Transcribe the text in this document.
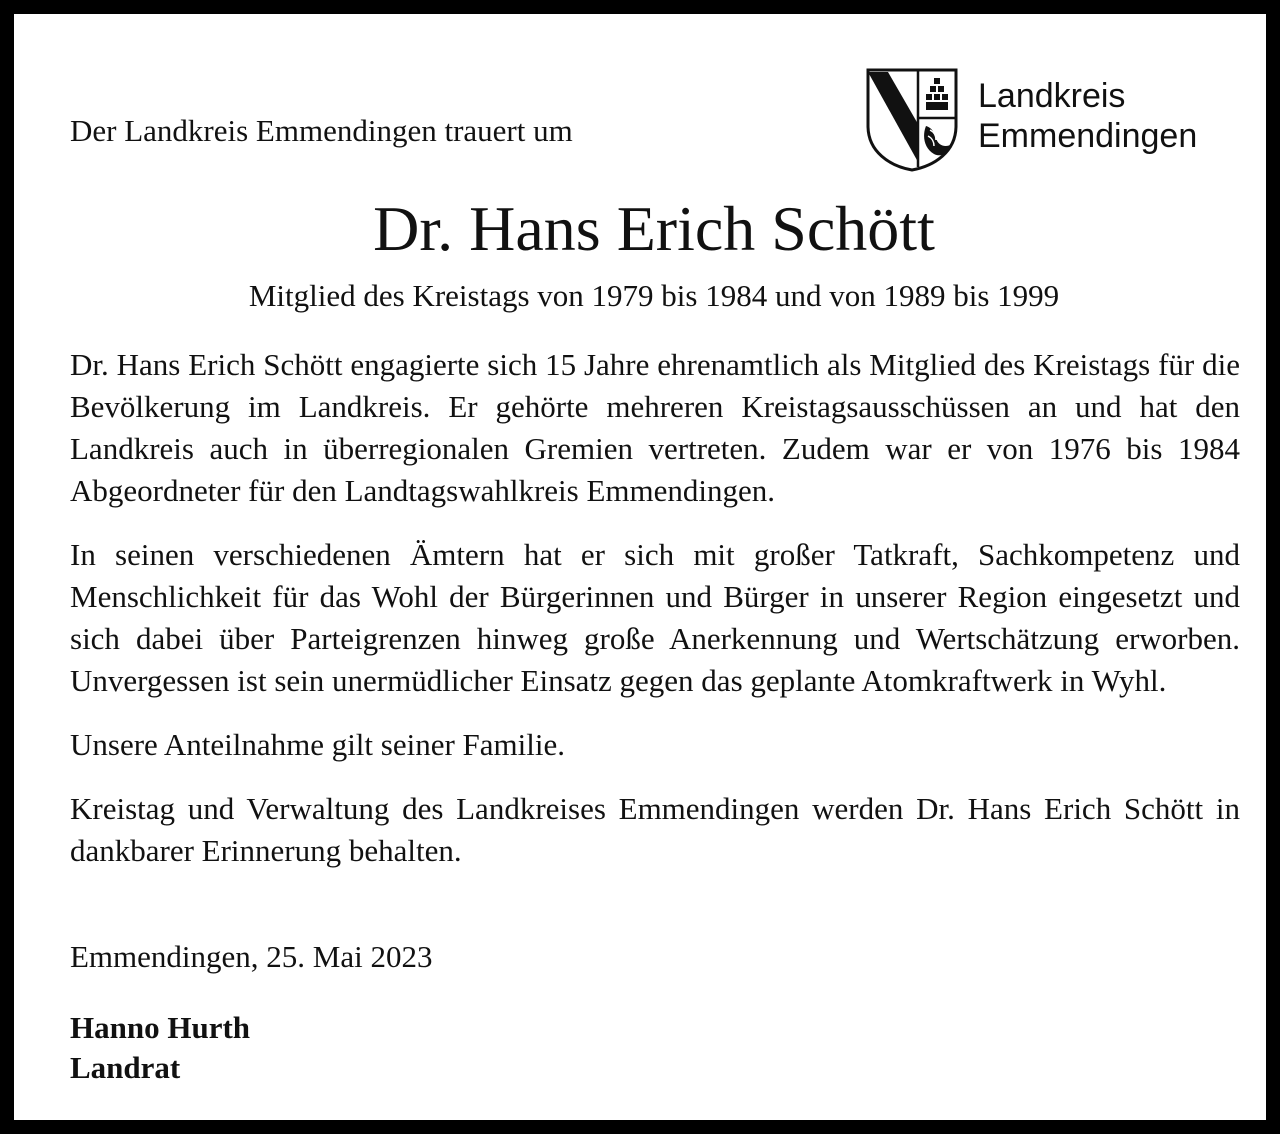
Der Landkreis Emmendingen trauert um
Landkreis
Emmendingen
Dr. Hans Erich Schött
Mitglied des Kreistags von 1979 bis 1984 und von 1989 bis 1999

Dr. Hans Erich Schött engagierte sich 15 Jahre ehrenamtlich als Mitglied des Kreistags für die Bevölkerung im Landkreis. Er gehörte mehreren Kreistagsausschüssen an und hat den Landkreis auch in überregionalen Gremien vertreten. Zudem war er von 1976 bis 1984 Abgeordneter für den Landtagswahlkreis Emmendingen.

In seinen verschiedenen Ämtern hat er sich mit großer Tatkraft, Sachkompetenz und Menschlichkeit für das Wohl der Bürgerinnen und Bürger in unserer Region eingesetzt und sich dabei über Parteigrenzen hinweg große Anerkennung und Wertschätzung erworben. Unvergessen ist sein unermüdlicher Einsatz gegen das geplante Atomkraftwerk in Wyhl.

Unsere Anteilnahme gilt seiner Familie.

Kreistag und Verwaltung des Landkreises Emmendingen werden Dr. Hans Erich Schött in dankbarer Erinnerung behalten.

Emmendingen, 25. Mai 2023
Hanno Hurth
Landrat
